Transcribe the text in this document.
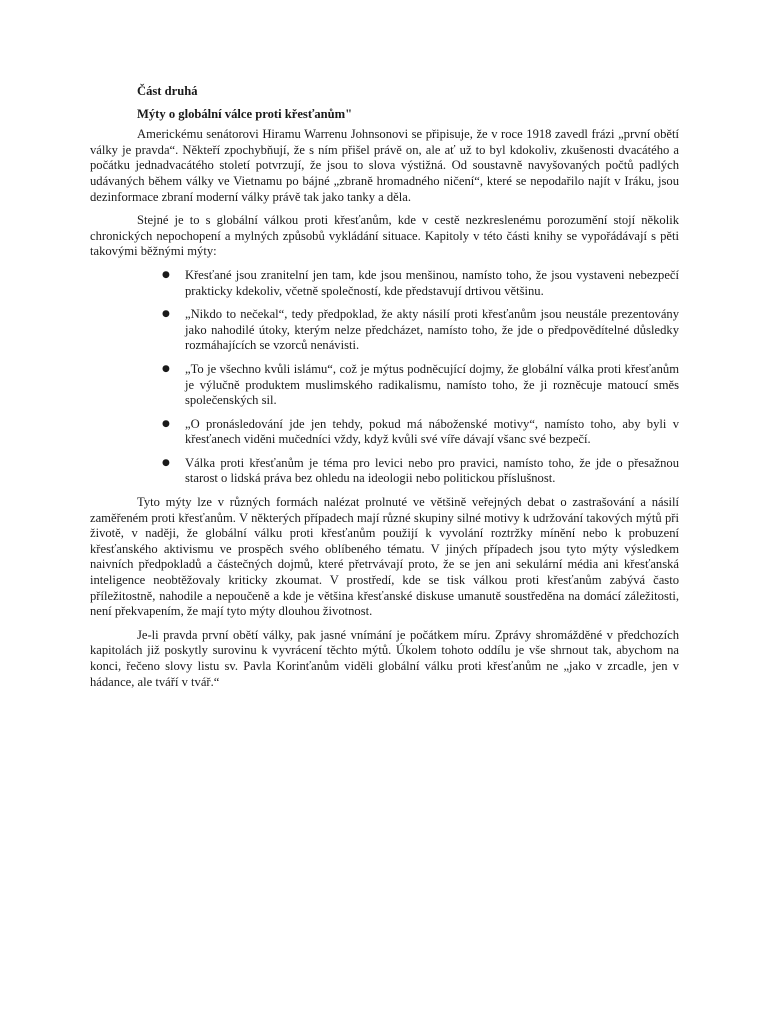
Část druhá
Mýty o globální válce proti křesťanům"

Americkému senátorovi Hiramu Warrenu Johnsonovi se připisuje, že v roce 1918 zavedl frázi „první obětí války je pravda“. Někteří zpochybňují, že s ním přišel právě on, ale ať už to byl kdokoliv, zkušenosti dvacátého a počátku jednadvacátého století potvrzují, že jsou to slova výstižná. Od soustavně navyšovaných počtů padlých udávaných během války ve Vietnamu po bájné „zbraně hromadného ničení“, které se nepodařilo najít v Iráku, jsou dezinformace zbraní moderní války právě tak jako tanky a děla.

Stejné je to s globální válkou proti křesťanům, kde v cestě nezkreslenému porozumění stojí několik chronických nepochopení a mylných způsobů vykládání situace. Kapitoly v této části knihy se vypořádávají s pěti takovými běžnými mýty:

● Křesťané jsou zranitelní jen tam, kde jsou menšinou, namísto toho, že jsou vystaveni nebezpečí prakticky kdekoliv, včetně společností, kde představují drtivou většinu.
● „Nikdo to nečekal“, tedy předpoklad, že akty násilí proti křesťanům jsou neustále prezentovány jako nahodilé útoky, kterým nelze předcházet, namísto toho, že jde o předpovědítelné důsledky rozmáhajících se vzorců nenávisti.
● „To je všechno kvůli islámu“, což je mýtus podněcující dojmy, že globální válka proti křesťanům je výlučně produktem muslimského radikalismu, namísto toho, že ji rozněcuje matoucí směs společenských sil.
● „O pronásledování jde jen tehdy, pokud má náboženské motivy“, namísto toho, aby byli v křesťanech viděni mučedníci vždy, když kvůli své víře dávají všanc své bezpečí.
● Válka proti křesťanům je téma pro levici nebo pro pravici, namísto toho, že jde o přesažnou starost o lidská práva bez ohledu na ideologii nebo politickou příslušnost.

Tyto mýty lze v různých formách nalézat prolnuté ve většině veřejných debat o zastrašování a násilí zaměřeném proti křesťanům. V některých případech mají různé skupiny silné motivy k udržování takových mýtů při životě, v naději, že globální válku proti křesťanům použijí k vyvolání roztržky mínění nebo k probuzení křesťanského aktivismu ve prospěch svého oblíbeného tématu. V jiných případech jsou tyto mýty výsledkem naivních předpokladů a částečných dojmů, které přetrvávají proto, že se jen ani sekulární média ani křesťanská inteligence neobtěžovaly kriticky zkoumat. V prostředí, kde se tisk válkou proti křesťanům zabývá často příležitostně, nahodile a nepoučeně a kde je většina křesťanské diskuse umanutě soustředěna na domácí záležitosti, není překvapením, že mají tyto mýty dlouhou životnost.

Je-li pravda první obětí války, pak jasné vnímání je počátkem míru. Zprávy shromážděné v předchozích kapitolách již poskytly surovinu k vyvrácení těchto mýtů. Úkolem tohoto oddílu je vše shrnout tak, abychom na konci, řečeno slovy listu sv. Pavla Korinťanům viděli globální válku proti křesťanům ne „jako v zrcadle, jen v hádance, ale tváří v tvář.“
